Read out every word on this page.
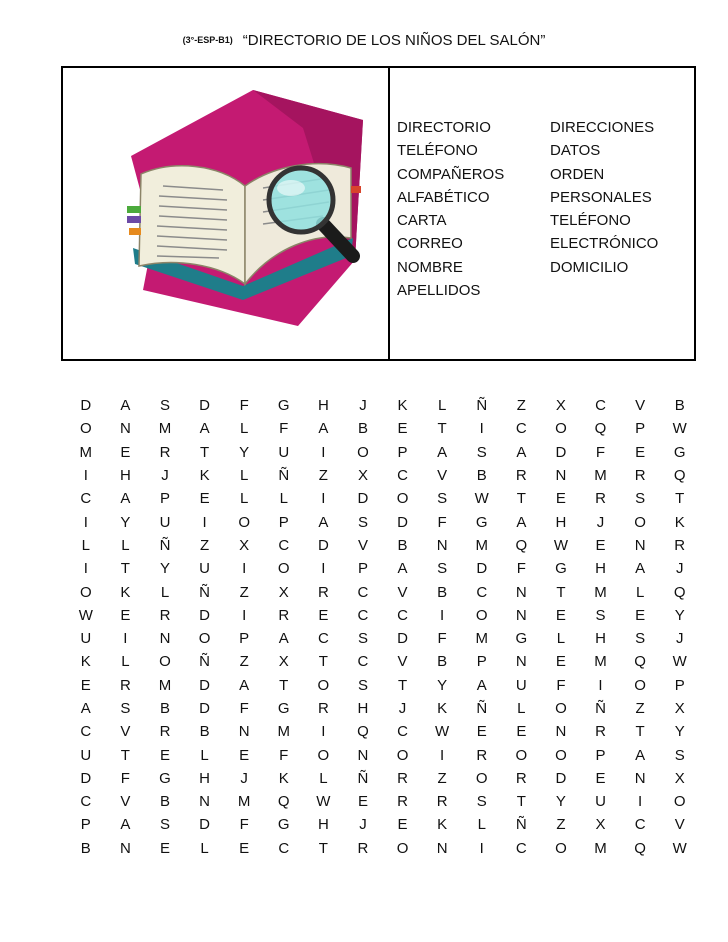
(3°-ESP-B1) “DIRECTORIO DE LOS NIÑOS DEL SALÓN”
DIRECTORIO	DIRECCIONES
TELÉFONO	DATOS
COMPAÑEROS	ORDEN
ALFABÉTICO	PERSONALES
CARTA	TELÉFONO
CORREO	ELECTRÓNICO
NOMBRE	DOMICILIO
APELLIDOS
D	A	S	D	F	G	H	J	K	L	Ñ	Z	X	C	V	B
O	N	M	A	L	F	A	B	E	T	I	C	O	Q	P	W
M	E	R	T	Y	U	I	O	P	A	S	A	D	F	E	G
I	H	J	K	L	Ñ	Z	X	C	V	B	R	N	M	R	Q
C	A	P	E	L	L	I	D	O	S	W	T	E	R	S	T
I	Y	U	I	O	P	A	S	D	F	G	A	H	J	O	K
L	L	Ñ	Z	X	C	D	V	B	N	M	Q	W	E	N	R
I	T	Y	U	I	O	I	P	A	S	D	F	G	H	A	J
O	K	L	Ñ	Z	X	R	C	V	B	C	N	T	M	L	Q
W	E	R	D	I	R	E	C	C	I	O	N	E	S	E	Y
U	I	N	O	P	A	C	S	D	F	M	G	L	H	S	J
K	L	O	Ñ	Z	X	T	C	V	B	P	N	E	M	Q	W
E	R	M	D	A	T	O	S	T	Y	A	U	F	I	O	P
A	S	B	D	F	G	R	H	J	K	Ñ	L	O	Ñ	Z	X
C	V	R	B	N	M	I	Q	C	W	E	E	N	R	T	Y
U	T	E	L	E	F	O	N	O	I	R	O	O	P	A	S
D	F	G	H	J	K	L	Ñ	R	Z	O	R	D	E	N	X
C	V	B	N	M	Q	W	E	R	R	S	T	Y	U	I	O
P	A	S	D	F	G	H	J	E	K	L	Ñ	Z	X	C	V
B	N	E	L	E	C	T	R	O	N	I	C	O	M	Q	W
